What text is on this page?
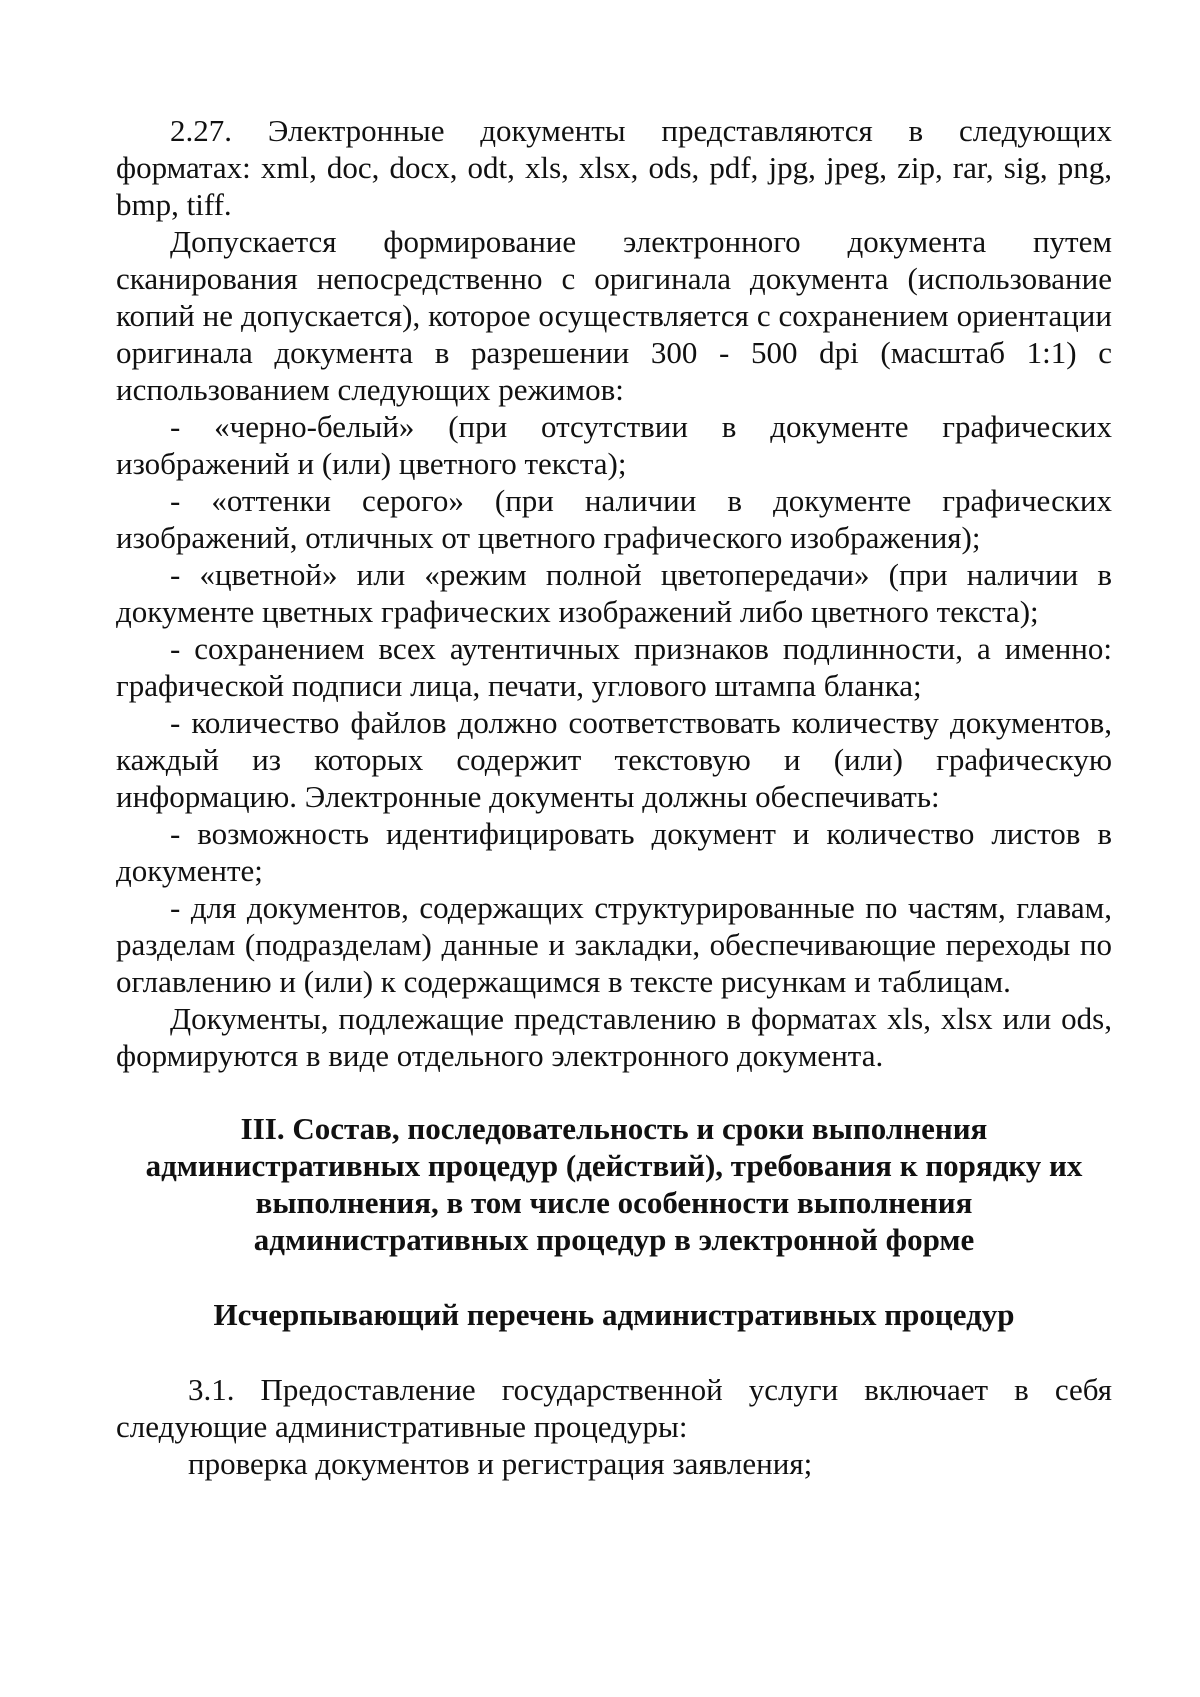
2.27. Электронные документы представляются в следующих форматах: xml, doc, docx, odt, xls, xlsx, ods, pdf, jpg, jpeg, zip, rar, sig, png, bmp, tiff.

Допускается формирование электронного документа путем сканирования непосредственно с оригинала документа (использование копий не допускается), которое осуществляется с сохранением ориентации оригинала документа в разрешении 300 - 500 dpi (масштаб 1:1) с использованием следующих режимов:

- «черно-белый» (при отсутствии в документе графических изображений и (или) цветного текста);

- «оттенки серого» (при наличии в документе графических изображений, отличных от цветного графического изображения);

- «цветной» или «режим полной цветопередачи» (при наличии в документе цветных графических изображений либо цветного текста);

- сохранением всех аутентичных признаков подлинности, а именно: графической подписи лица, печати, углового штампа бланка;

- количество файлов должно соответствовать количеству документов, каждый из которых содержит текстовую и (или) графическую информацию. Электронные документы должны обеспечивать:

- возможность идентифицировать документ и количество листов в документе;

- для документов, содержащих структурированные по частям, главам, разделам (подразделам) данные и закладки, обеспечивающие переходы по оглавлению и (или) к содержащимся в тексте рисункам и таблицам.

Документы, подлежащие представлению в форматах xls, xlsx или ods, формируются в виде отдельного электронного документа.

III. Состав, последовательность и сроки выполнения административных процедур (действий), требования к порядку их выполнения, в том числе особенности выполнения административных процедур в электронной форме

Исчерпывающий перечень административных процедур

3.1. Предоставление государственной услуги включает в себя следующие административные процедуры:

проверка документов и регистрация заявления;
